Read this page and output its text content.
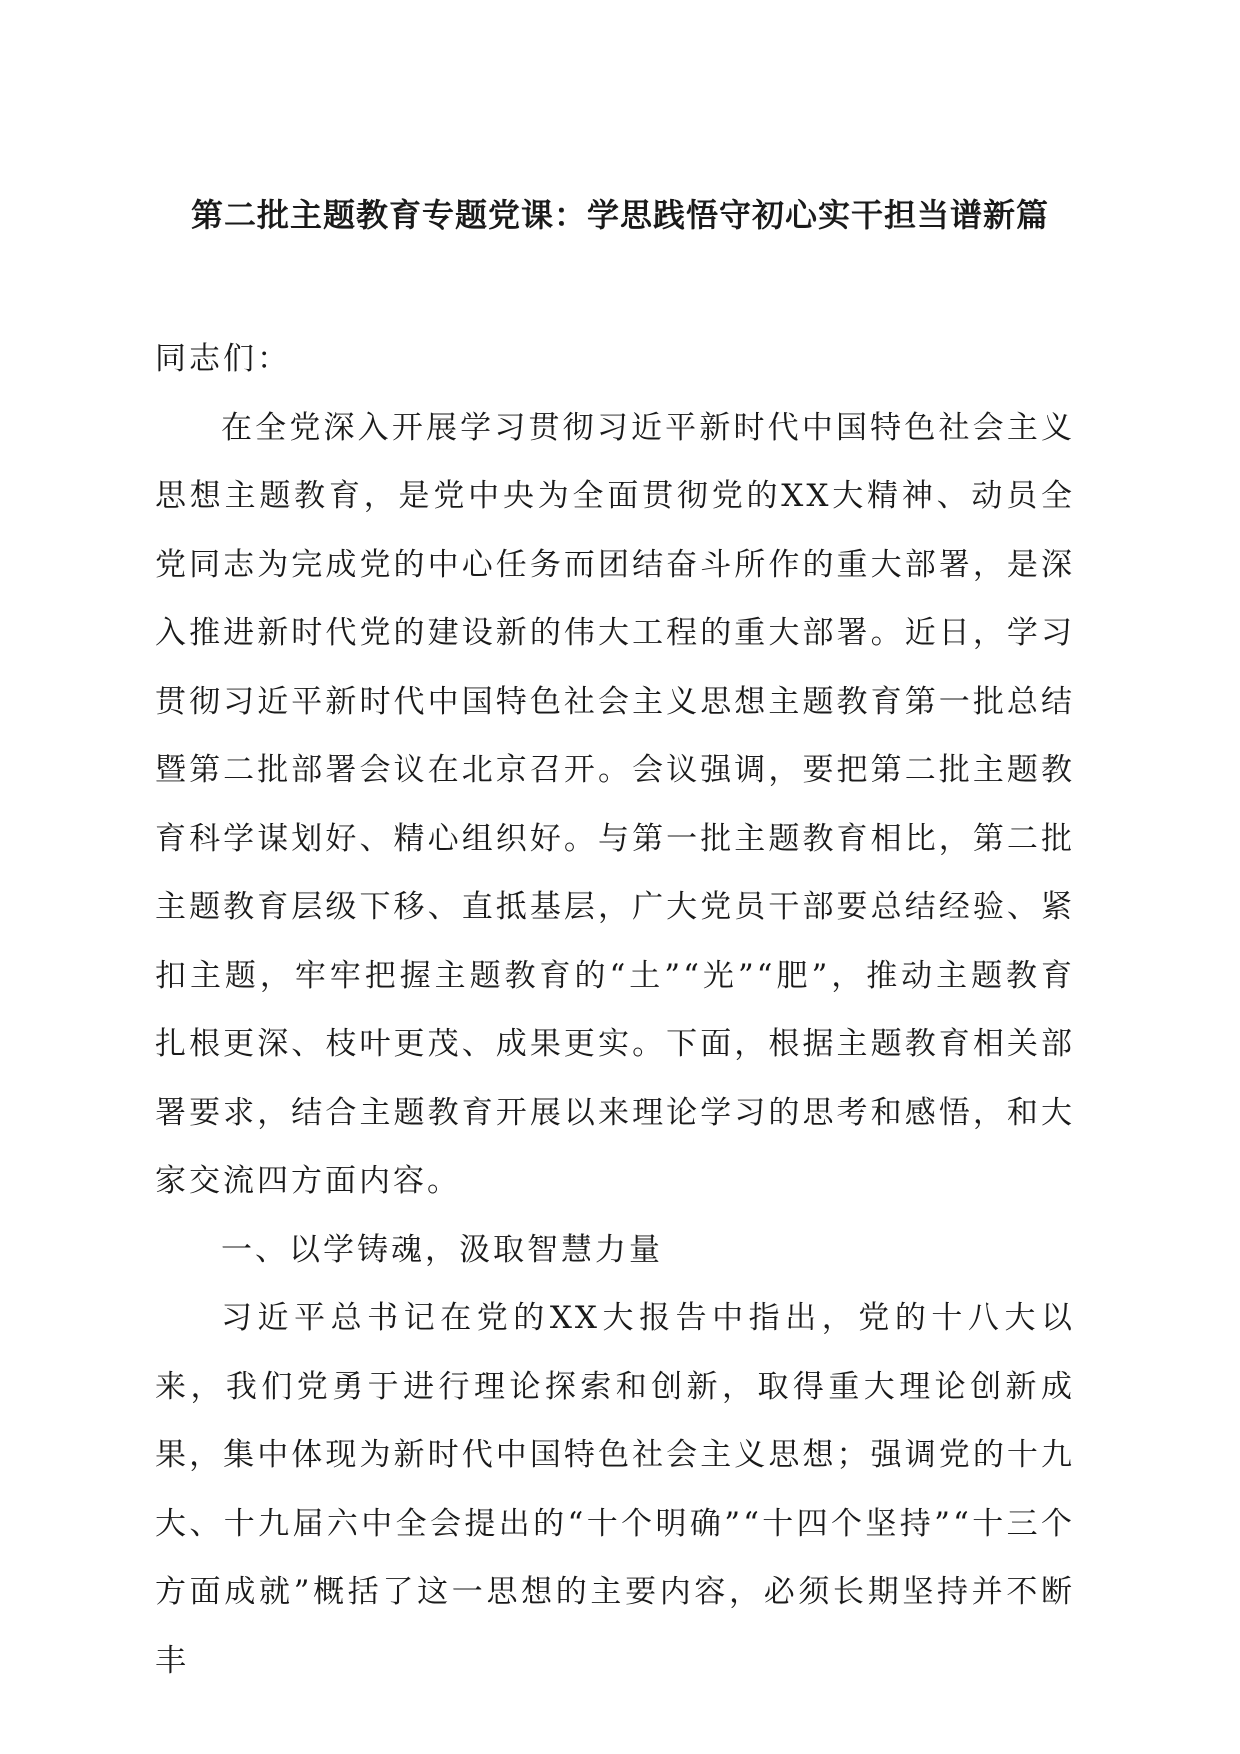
第二批主题教育专题党课：学思践悟守初心实干担当谱新篇

同志们：

在全党深入开展学习贯彻习近平新时代中国特色社会主义思想主题教育，是党中央为全面贯彻党的XX大精神、动员全党同志为完成党的中心任务而团结奋斗所作的重大部署，是深入推进新时代党的建设新的伟大工程的重大部署。近日，学习贯彻习近平新时代中国特色社会主义思想主题教育第一批总结暨第二批部署会议在北京召开。会议强调，要把第二批主题教育科学谋划好、精心组织好。与第一批主题教育相比，第二批主题教育层级下移、直抵基层，广大党员干部要总结经验、紧扣主题，牢牢把握主题教育的“土”“光”“肥”，推动主题教育扎根更深、枝叶更茂、成果更实。下面，根据主题教育相关部署要求，结合主题教育开展以来理论学习的思考和感悟，和大家交流四方面内容。

一、以学铸魂，汲取智慧力量

习近平总书记在党的XX大报告中指出，党的十八大以来，我们党勇于进行理论探索和创新，取得重大理论创新成果，集中体现为新时代中国特色社会主义思想；强调党的十九大、十九届六中全会提出的“十个明确”“十四个坚持”“十三个方面成就”概括了这一思想的主要内容，必须长期坚持并不断丰
